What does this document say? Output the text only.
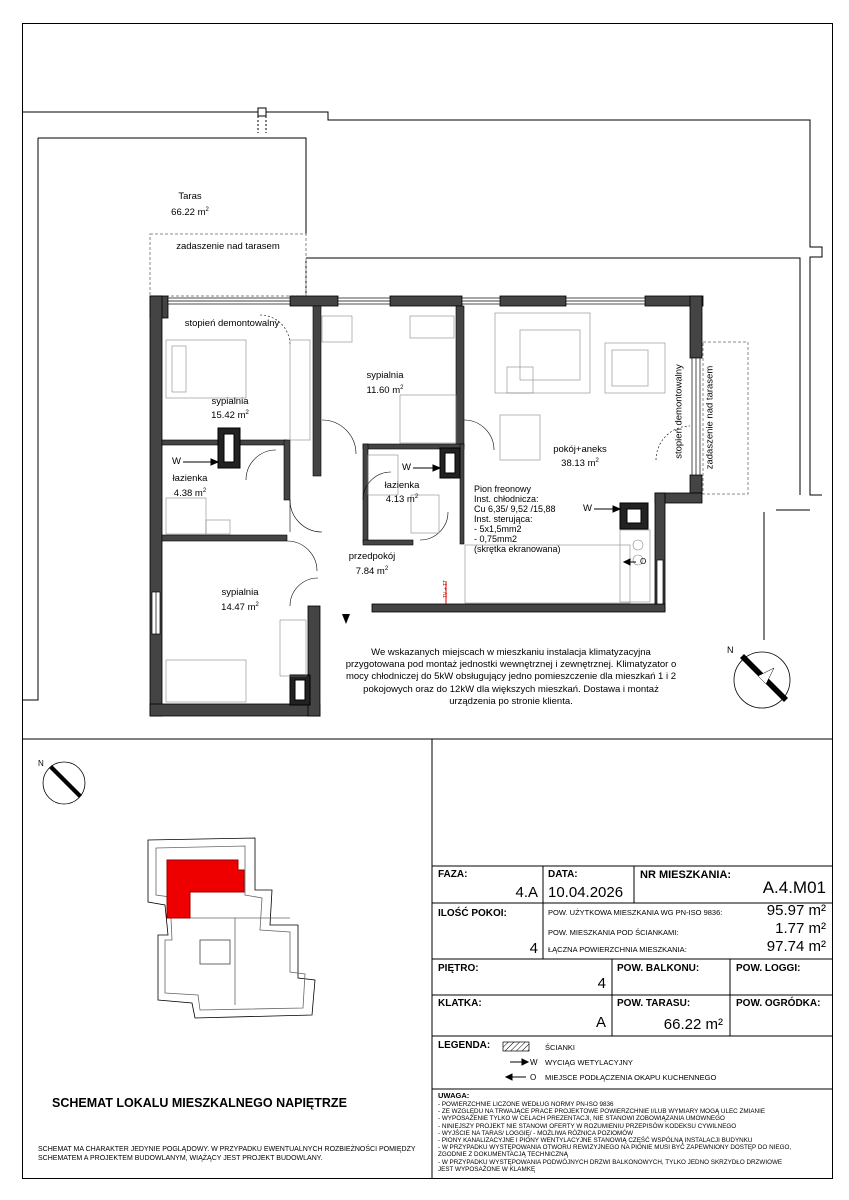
Taras
66.22 $m^2$
zadaszenie nad tarasem
zadaszenie nad tarasem
stopień demontowalny
stopień demontowalny
sypialnia
15.42 $m^2$
sypialnia
11.60 $m^2$
pokój+aneks
38.13 $m^2$
łazienka
4.38 $m^2$	łazienka
4.13 $m^2$
przedpokój
7.84 $m^2$
sypialnia
14.47 $m^2$
W
W
W
O
TV + TT
Pion freonowy
Inst. chłodnicza:
Cu 6,35/ 9,52 /15,88
Inst. sterująca:
- 5x1,5mm2
- 0,75mm2
(skrętka ekranowana)
We wskazanych miejscach w mieszkaniu instalacja klimatyzacyjna przygotowana pod montaż jednostki wewnętrznej i zewnętrznej. Klimatyzator o mocy chłodniczej do 5kW obsługujący jedno pomieszczenie dla mieszkań 1 i 2 pokojowych oraz do 12kW dla większych mieszkań. Dostawa i montaż urządzenia po stronie klienta.
N
N
SCHEMAT LOKALU MIESZKALNEGO NAPIĘTRZE
SCHEMAT MA CHARAKTER JEDYNIE POGLĄDOWY. W PRZYPADKU EWENTUALNYCH ROZBIEŻNOŚCI POMIĘDZY SCHEMATEM A PROJEKTEM BUDOWLANYM, WIĄŻĄCY JEST PROJEKT BUDOWLANY.
FAZA:
4.A
DATA:
10.04.2026
NR MIESZKANIA:
A.4.M01
ILOŚĆ POKOI:
4
POW. UŻYTKOWA MIESZKANIA WG PN-ISO 9836:	95.97 m²
POW. MIESZKANIA POD ŚCIANKAMI:	1.77 m²
ŁĄCZNA POWIERZCHNIA MIESZKANIA:	97.74 m²
PIĘTRO:
4
POW. BALKONU:	POW. LOGGI:
KLATKA:
A
POW. TARASU:
66.22 m²
POW. OGRÓDKA:
LEGENDA:	ŚCIANKI
W WYCIĄG WETYLACYJNY
O MIEJSCE PODŁĄCZENIA OKAPU KUCHENNEGO
UWAGA:
- POWIERZCHNIE LICZONE WEDŁUG NORMY PN-ISO 9836
- ZE WZGLĘDU NA TRWAJĄCE PRACE PROJEKTOWE POWIERZCHNIE I/LUB WYMIARY MOGĄ ULEC ZMIANIE
- WYPOSAŻENIE TYLKO W CELACH PREZENTACJI, NIE STANOWI ZOBOWIĄZANIA UMOWNEGO
- NINIEJSZY PROJEKT NIE STANOWI OFERTY W ROZUMIENIU PRZEPISÓW KODEKSU CYWILNEGO
- WYJŚCIE NA TARAS/ LOGGIĘ/ - MOŻLIWA RÓŻNICA POZIOMÓW
- PIONY KANALIZACYJNE I PIONY WENTYLACYJNE STANOWIĄ CZĘŚĆ WSPÓLNĄ INSTALACJI BUDYNKU
- W PRZYPADKU WYSTĘPOWANIA OTWORU REWIZYJNEGO NA PIONIE MUSI BYĆ ZAPEWNIONY DOSTĘP DO NIEGO,
ZGODNIE Z DOKUMENTACJĄ TECHNICZNĄ
- W PRZYPADKU WYSTĘPOWANIA PODWÓJNYCH DRZWI BALKONOWYCH, TYLKO JEDNO SKRZYDŁO DRZWIOWE
JEST WYPOSAŻONE W KLAMKĘ
